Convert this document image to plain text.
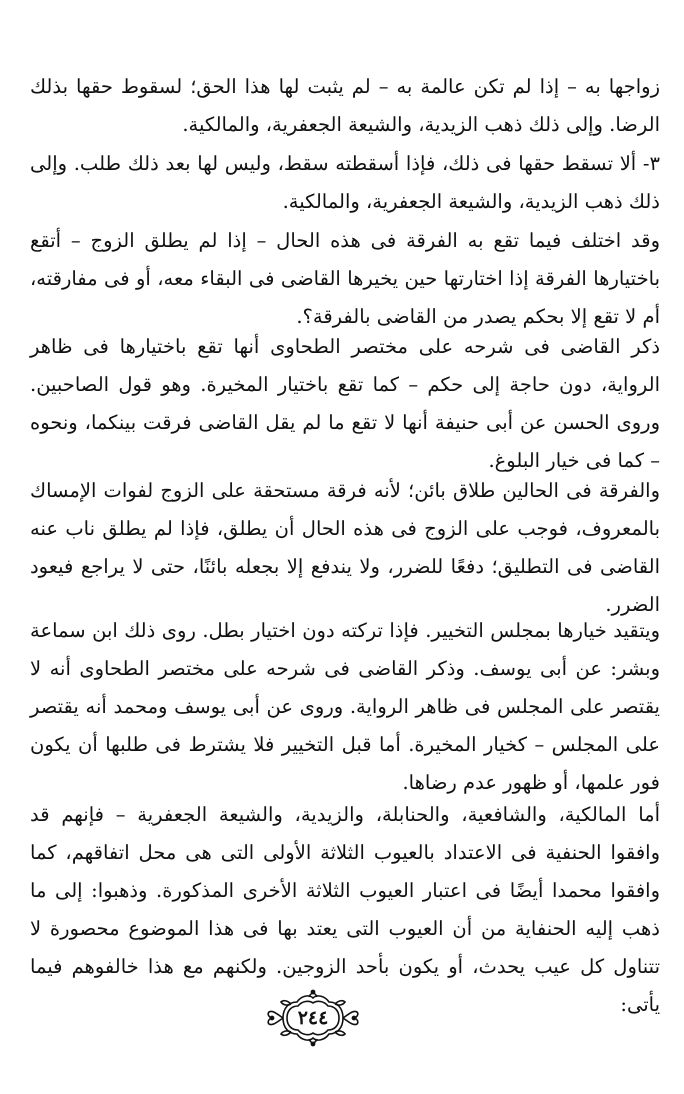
زواجها به – إذا لم تكن عالمة به – لم يثبت لها هذا الحق؛ لسقوط حقها بذلك الرضا. وإلى ذلك ذهب الزيدية، والشيعة الجعفرية، والمالكية.

٣- ألا تسقط حقها فى ذلك، فإذا أسقطته سقط، وليس لها بعد ذلك طلب. وإلى ذلك ذهب الزيدية، والشيعة الجعفرية، والمالكية.

وقد اختلف فيما تقع به الفرقة فى هذه الحال – إذا لم يطلق الزوج – أتقع باختيارها الفرقة إذا اختارتها حين يخيرها القاضى فى البقاء معه، أو فى مفارقته، أم لا تقع إلا بحكم يصدر من القاضى بالفرقة؟.

ذكر القاضى فى شرحه على مختصر الطحاوى أنها تقع باختيارها فى ظاهر الرواية، دون حاجة إلى حكم – كما تقع باختيار المخيرة. وهو قول الصاحبين. وروى الحسن عن أبى حنيفة أنها لا تقع ما لم يقل القاضى فرقت بينكما، ونحوه – كما فى خيار البلوغ.

والفرقة فى الحالين طلاق بائن؛ لأنه فرقة مستحقة على الزوج لفوات الإمساك بالمعروف، فوجب على الزوج فى هذه الحال أن يطلق، فإذا لم يطلق ناب عنه القاضى فى التطليق؛ دفعًا للضرر، ولا يندفع إلا بجعله بائنًا، حتى لا يراجع فيعود الضرر.

ويتقيد خيارها بمجلس التخيير. فإذا تركته دون اختيار بطل. روى ذلك ابن سماعة وبشر: عن أبى يوسف. وذكر القاضى فى شرحه على مختصر الطحاوى أنه لا يقتصر على المجلس فى ظاهر الرواية. وروى عن أبى يوسف ومحمد أنه يقتصر على المجلس – كخيار المخيرة. أما قبل التخيير فلا يشترط فى طلبها أن يكون فور علمها، أو ظهور عدم رضاها.

أما المالكية، والشافعية، والحنابلة، والزيدية، والشيعة الجعفرية – فإنهم قد وافقوا الحنفية فى الاعتداد بالعيوب الثلاثة الأولى التى هى محل اتفاقهم، كما وافقوا محمدا أيضًا فى اعتبار العيوب الثلاثة الأخرى المذكورة. وذهبوا: إلى ما ذهب إليه الحنفاية من أن العيوب التى يعتد بها فى هذا الموضوع محصورة لا تتناول كل عيب يحدث، أو يكون بأحد الزوجين. ولكنهم مع هذا خالفوهم فيما يأتى:

٢٤٤
